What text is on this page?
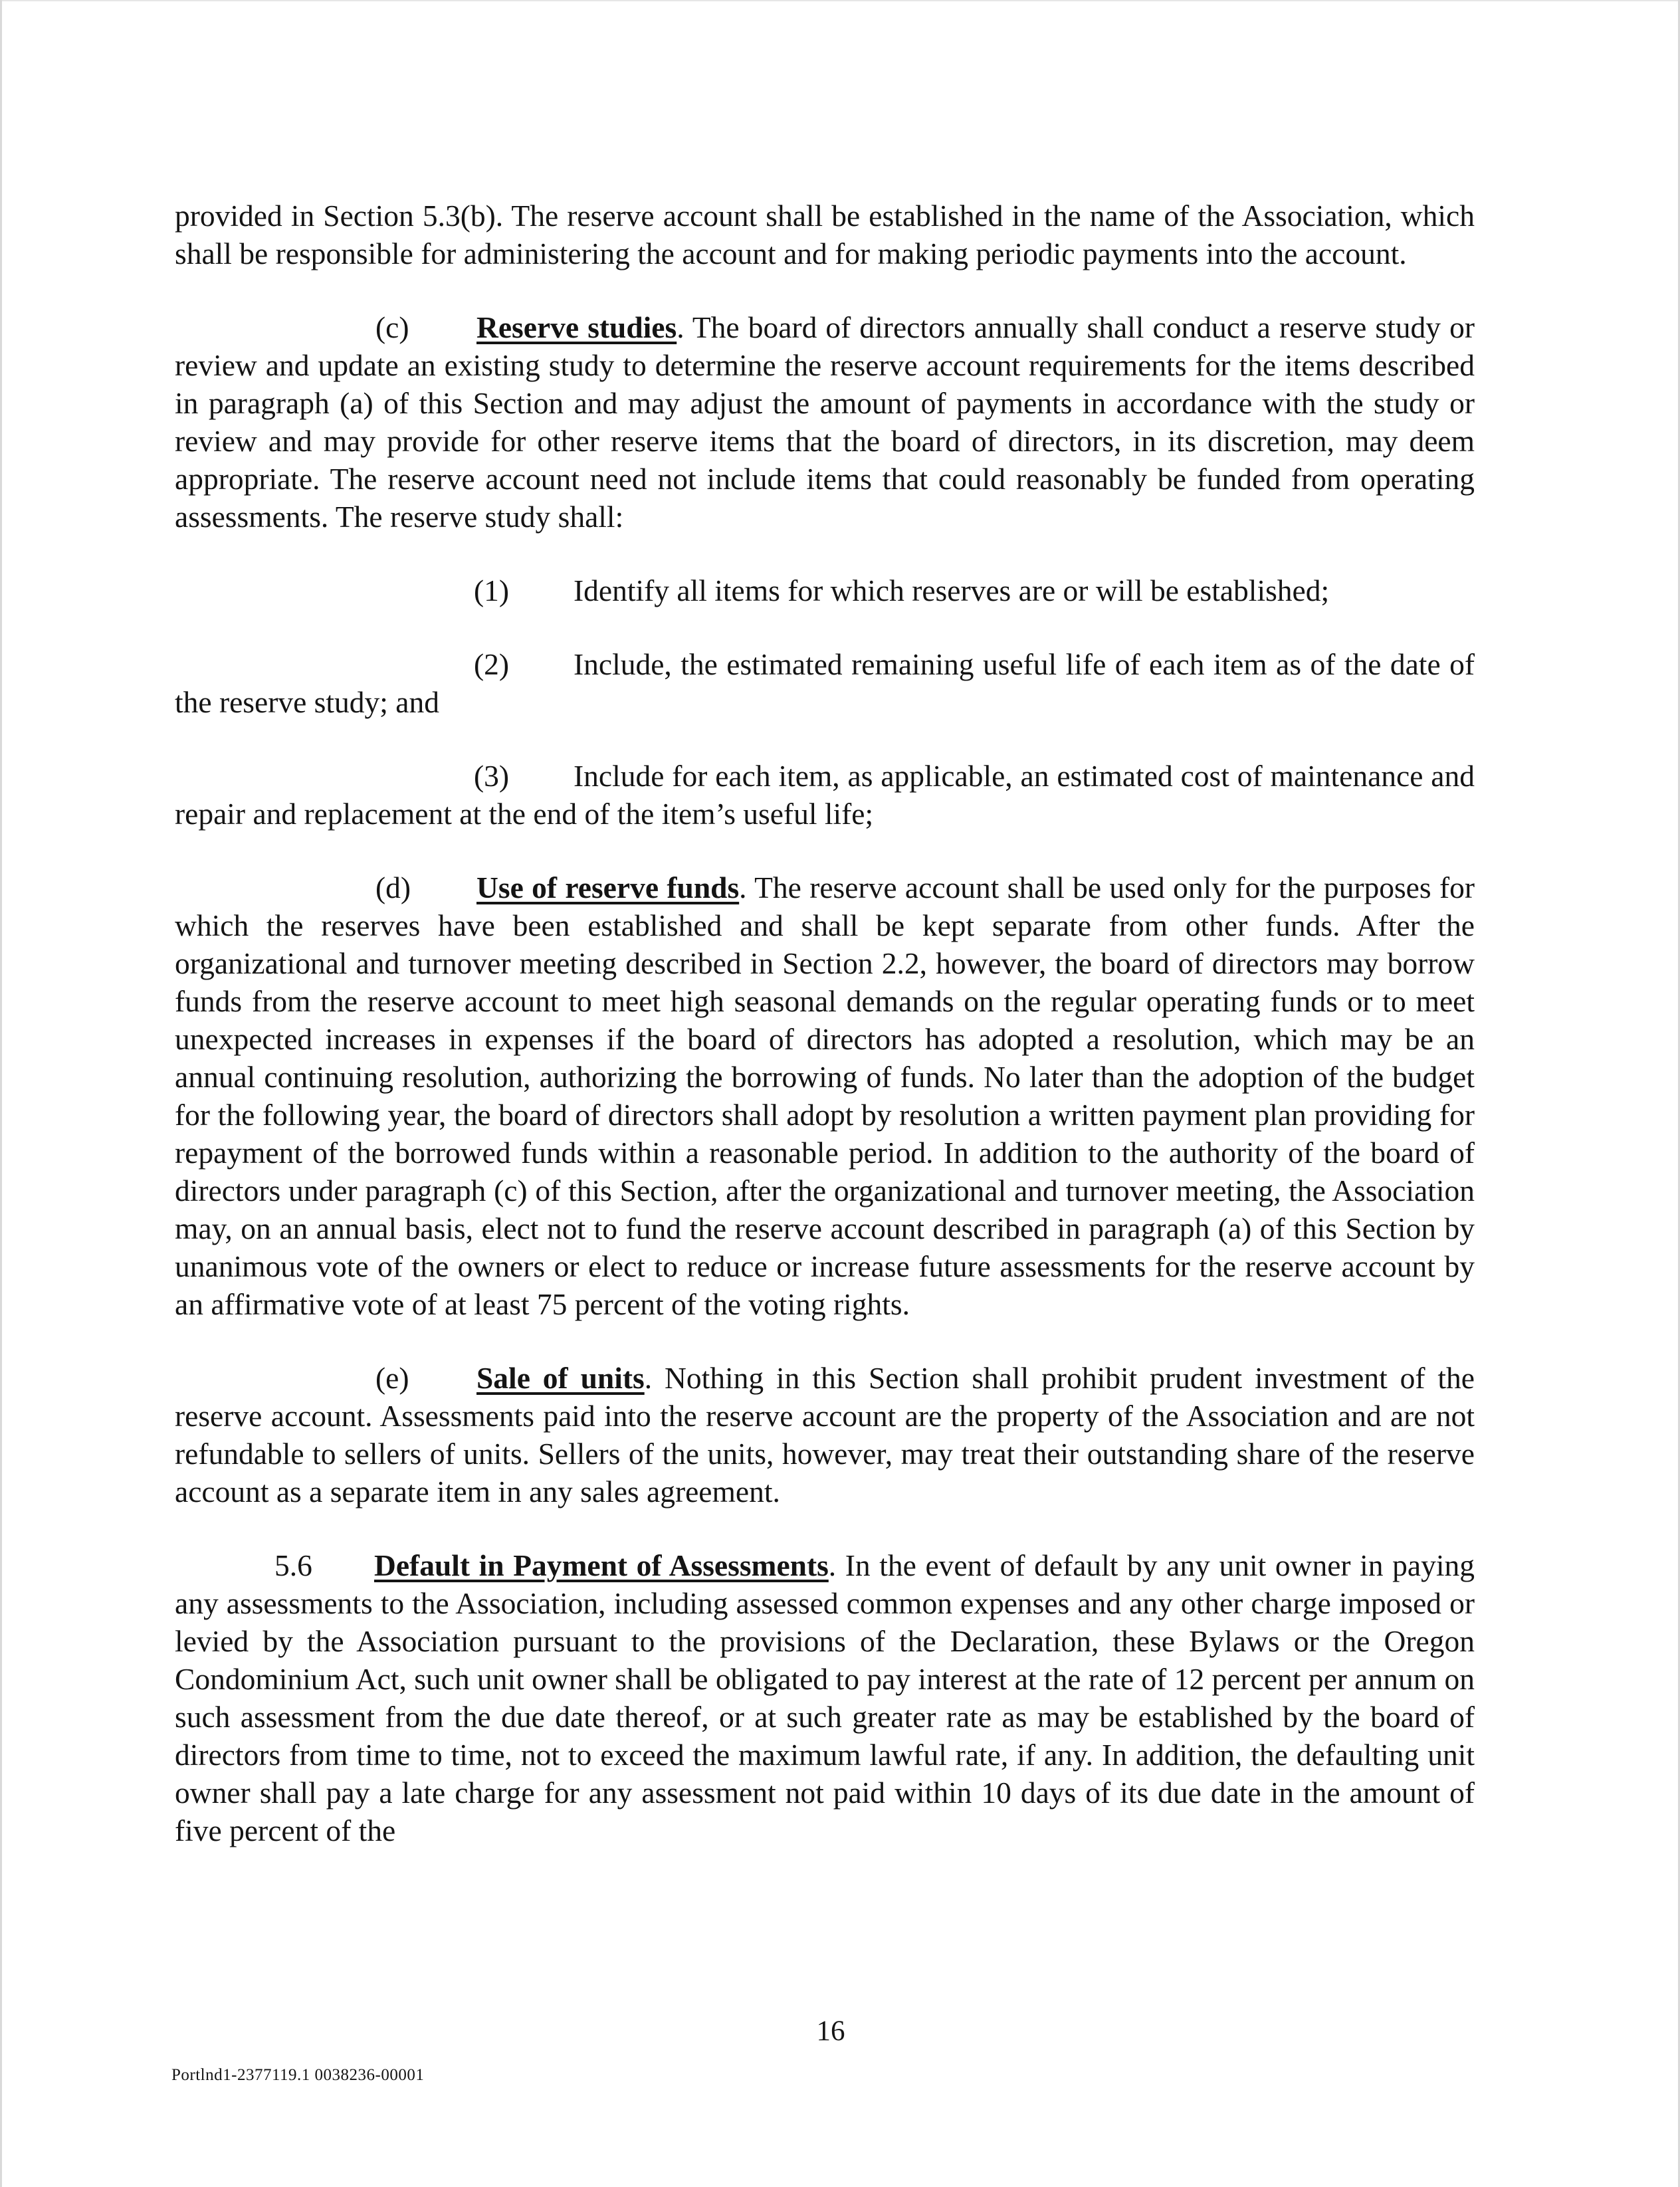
provided in Section 5.3(b). The reserve account shall be established in the name of the Association, which shall be responsible for administering the account and for making periodic payments into the account.

(c) Reserve studies. The board of directors annually shall conduct a reserve study or review and update an existing study to determine the reserve account requirements for the items described in paragraph (a) of this Section and may adjust the amount of payments in accordance with the study or review and may provide for other reserve items that the board of directors, in its discretion, may deem appropriate. The reserve account need not include items that could reasonably be funded from operating assessments. The reserve study shall:

(1) Identify all items for which reserves are or will be established;

(2) Include, the estimated remaining useful life of each item as of the date of the reserve study; and

(3) Include for each item, as applicable, an estimated cost of maintenance and repair and replacement at the end of the item’s useful life;

(d) Use of reserve funds. The reserve account shall be used only for the purposes for which the reserves have been established and shall be kept separate from other funds. After the organizational and turnover meeting described in Section 2.2, however, the board of directors may borrow funds from the reserve account to meet high seasonal demands on the regular operating funds or to meet unexpected increases in expenses if the board of directors has adopted a resolution, which may be an annual continuing resolution, authorizing the borrowing of funds. No later than the adoption of the budget for the following year, the board of directors shall adopt by resolution a written payment plan providing for repayment of the borrowed funds within a reasonable period. In addition to the authority of the board of directors under paragraph (c) of this Section, after the organizational and turnover meeting, the Association may, on an annual basis, elect not to fund the reserve account described in paragraph (a) of this Section by unanimous vote of the owners or elect to reduce or increase future assessments for the reserve account by an affirmative vote of at least 75 percent of the voting rights.

(e) Sale of units. Nothing in this Section shall prohibit prudent investment of the reserve account. Assessments paid into the reserve account are the property of the Association and are not refundable to sellers of units. Sellers of the units, however, may treat their outstanding share of the reserve account as a separate item in any sales agreement.

5.6 Default in Payment of Assessments. In the event of default by any unit owner in paying any assessments to the Association, including assessed common expenses and any other charge imposed or levied by the Association pursuant to the provisions of the Declaration, these Bylaws or the Oregon Condominium Act, such unit owner shall be obligated to pay interest at the rate of 12 percent per annum on such assessment from the due date thereof, or at such greater rate as may be established by the board of directors from time to time, not to exceed the maximum lawful rate, if any. In addition, the defaulting unit owner shall pay a late charge for any assessment not paid within 10 days of its due date in the amount of five percent of the

16
Portlnd1-2377119.1 0038236-00001
